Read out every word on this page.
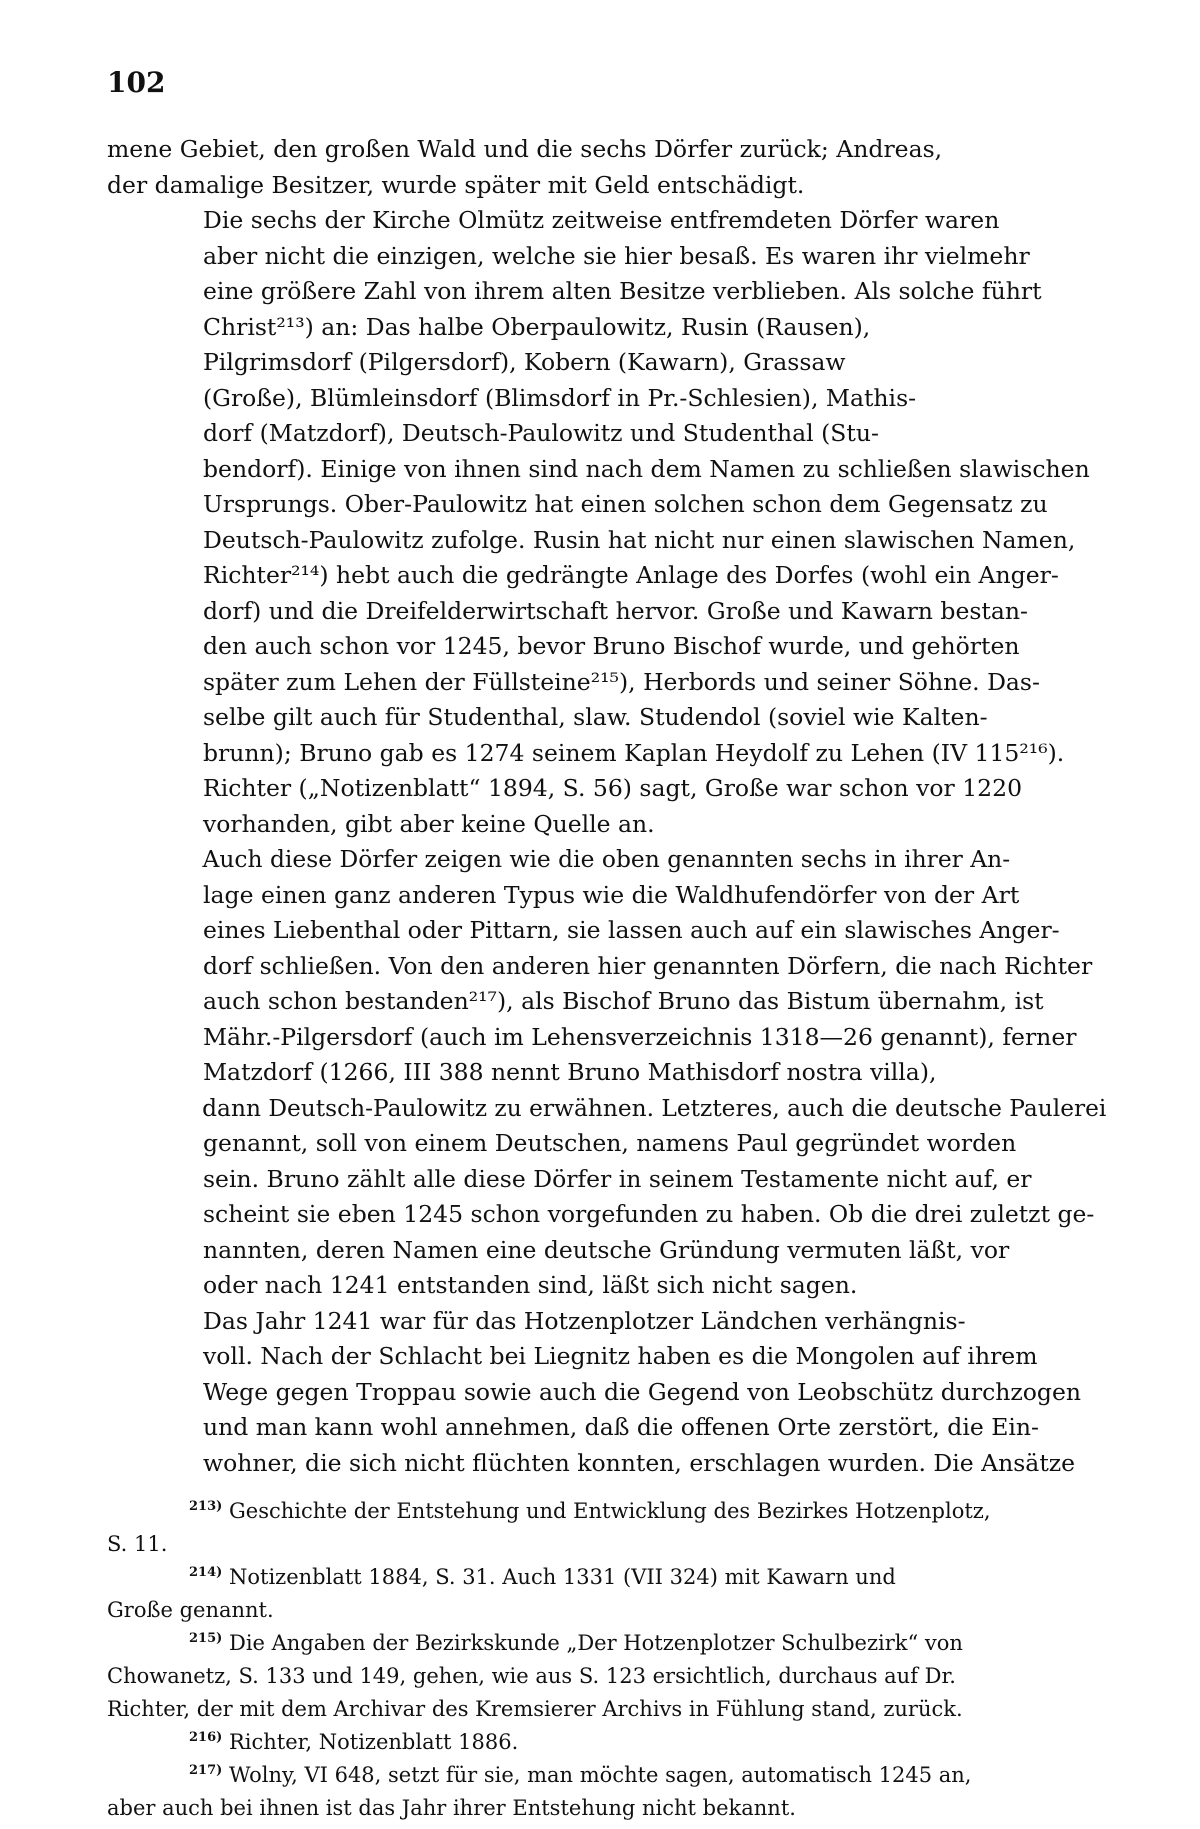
102

mene Gebiet, den großen Wald und die sechs Dörfer zurück; Andreas,
der damalige Besitzer, wurde später mit Geld entschädigt.

Die sechs der Kirche Olmütz zeitweise entfremdeten Dörfer waren
aber nicht die einzigen, welche sie hier besaß. Es waren ihr vielmehr
eine größere Zahl von ihrem alten Besitze verblieben. Als solche führt
Christ²¹³) an: Das halbe Oberpaulowitz, Rusin (Rausen),
Pilgrimsdorf (Pilgersdorf), Kobern (Kawarn), Grassaw
(Große), Blümleinsdorf (Blimsdorf in Pr.-Schlesien), Mathis-
dorf (Matzdorf), Deutsch-Paulowitz und Studenthal (Stu-
bendorf). Einige von ihnen sind nach dem Namen zu schließen slawischen
Ursprungs. Ober-Paulowitz hat einen solchen schon dem Gegensatz zu
Deutsch-Paulowitz zufolge. Rusin hat nicht nur einen slawischen Namen,
Richter²¹⁴) hebt auch die gedrängte Anlage des Dorfes (wohl ein Anger-
dorf) und die Dreifelderwirtschaft hervor. Große und Kawarn bestan-
den auch schon vor 1245, bevor Bruno Bischof wurde, und gehörten
später zum Lehen der Füllsteine²¹⁵), Herbords und seiner Söhne. Das-
selbe gilt auch für Studenthal, slaw. Studendol (soviel wie Kalten-
brunn); Bruno gab es 1274 seinem Kaplan Heydolf zu Lehen (IV 115²¹⁶).
Richter („Notizenblatt“ 1894, S. 56) sagt, Große war schon vor 1220
vorhanden, gibt aber keine Quelle an.

Auch diese Dörfer zeigen wie die oben genannten sechs in ihrer An-
lage einen ganz anderen Typus wie die Waldhufendörfer von der Art
eines Liebenthal oder Pittarn, sie lassen auch auf ein slawisches Anger-
dorf schließen. Von den anderen hier genannten Dörfern, die nach Richter
auch schon bestanden²¹⁷), als Bischof Bruno das Bistum übernahm, ist
Mähr.-Pilgersdorf (auch im Lehensverzeichnis 1318—26 genannt), ferner
Matzdorf (1266, III 388 nennt Bruno Mathisdorf nostra villa),
dann Deutsch-Paulowitz zu erwähnen. Letzteres, auch die deutsche Paulerei
genannt, soll von einem Deutschen, namens Paul gegründet worden
sein. Bruno zählt alle diese Dörfer in seinem Testamente nicht auf, er
scheint sie eben 1245 schon vorgefunden zu haben. Ob die drei zuletzt ge-
nannten, deren Namen eine deutsche Gründung vermuten läßt, vor
oder nach 1241 entstanden sind, läßt sich nicht sagen.

Das Jahr 1241 war für das Hotzenplotzer Ländchen verhängnis-
voll. Nach der Schlacht bei Liegnitz haben es die Mongolen auf ihrem
Wege gegen Troppau sowie auch die Gegend von Leobschütz durchzogen
und man kann wohl annehmen, daß die offenen Orte zerstört, die Ein-
wohner, die sich nicht flüchten konnten, erschlagen wurden. Die Ansätze

$^{213)}$ Geschichte der Entstehung und Entwicklung des Bezirkes Hotzenplotz,
S. 11.

$^{214)}$ Notizenblatt 1884, S. 31. Auch 1331 (VII 324) mit Kawarn und
Große genannt.

$^{215)}$ Die Angaben der Bezirkskunde „Der Hotzenplotzer Schulbezirk“ von
Chowanetz, S. 133 und 149, gehen, wie aus S. 123 ersichtlich, durchaus auf Dr.
Richter, der mit dem Archivar des Kremsierer Archivs in Fühlung stand, zurück.

$^{216)}$ Richter, Notizenblatt 1886.

$^{217)}$ Wolny, VI 648, setzt für sie, man möchte sagen, automatisch 1245 an,
aber auch bei ihnen ist das Jahr ihrer Entstehung nicht bekannt.
